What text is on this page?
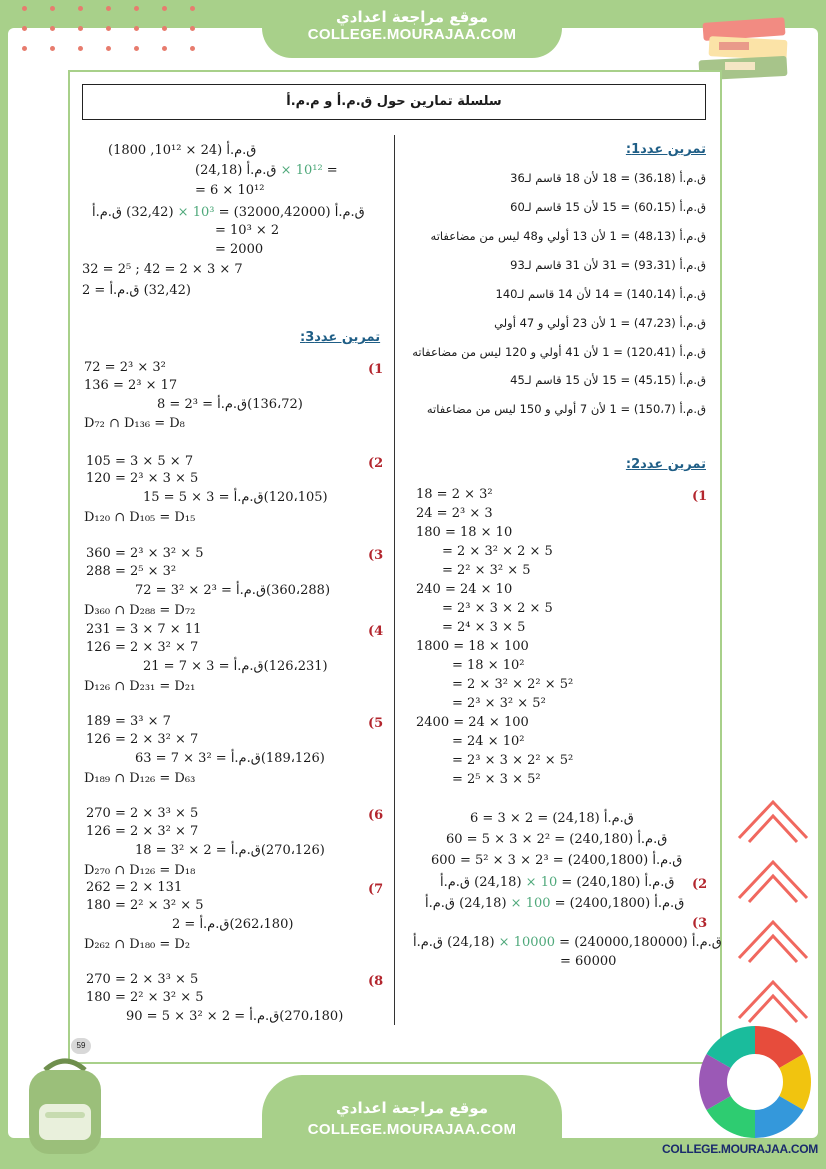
موقع مراجعة اعدادي
COLLEGE.MOURAJAA.COM
سلسلة تمارين حول ق.م.أ و م.م.أ
ق.م.أ (24 × 10¹², 1800)
= 10¹² × ق.م.أ (24,18)
= 6 × 10¹²
ق.م.أ (32000,42000) = 10³ × (32,42) ق.م.أ
= 10³ × 2
= 2000
32 = 2⁵ ; 42 = 2 × 3 × 7
(32,42) ق.م.أ = 2
72 = 2³ × 3²
136 = 2³ × 17
(136،72)ق.م.أ = 2³ = 8
D₇₂ ∩ D₁₃₆ = D₈
105 = 3 × 5 × 7
120 = 2³ × 3 × 5
(120،105)ق.م.أ = 3 × 5 = 15
D₁₂₀ ∩ D₁₀₅ = D₁₅
360 = 2³ × 3² × 5
288 = 2⁵ × 3²
(360،288)ق.م.أ = 2³ × 3² = 72
D₃₆₀ ∩ D₂₈₈ = D₇₂
231 = 3 × 7 × 11
126 = 2 × 3² × 7
(126،231)ق.م.أ = 3 × 7 = 21
D₁₂₆ ∩ D₂₃₁ = D₂₁
189 = 3³ × 7
126 = 2 × 3² × 7
(189،126)ق.م.أ = 3² × 7 = 63
D₁₈₉ ∩ D₁₂₆ = D₆₃
270 = 2 × 3³ × 5
126 = 2 × 3² × 7
(270،126)ق.م.أ = 2 × 3² = 18
D₂₇₀ ∩ D₁₂₆ = D₁₈
262 = 2 × 131
180 = 2² × 3² × 5
(262،180)ق.م.أ = 2
D₂₆₂ ∩ D₁₈₀ = D₂
270 = 2 × 3³ × 5
180 = 2² × 3² × 5
(270،180)ق.م.أ = 2 × 3² × 5 = 90
18 = 2 × 3²
24 = 2³ × 3
180 = 18 × 10
= 2 × 3² × 2 × 5
= 2² × 3² × 5
240 = 24 × 10
= 2³ × 3 × 2 × 5
= 2⁴ × 3 × 5
1800 = 18 × 100
= 18 × 10²
= 2 × 3² × 2² × 5²
= 2³ × 3² × 5²
2400 = 24 × 100
= 24 × 10²
= 2³ × 3 × 2² × 5²
= 2⁵ × 3 × 5²
ق.م.أ (24,18) = 2 × 3 = 6
ق.م.أ (240,180) = 2² × 3 × 5 = 60
ق.م.أ (2400,1800) = 2³ × 3 × 5² = 600
ق.م.أ (240,180) = 10 × (24,18) ق.م.أ
ق.م.أ (2400,1800) = 100 × (24,18) ق.م.أ
ق.م.أ (240000,180000) = 10000 × (24,18) ق.م.أ
= 60000
تمرين عدد3:
تمرين عدد1:
تمرين عدد2:
(1
(2
(3
(4
(5
(6
(7
(8
(1
(2
(3
ق.م.أ (36،18) = 18 لأن 18 قاسم لـ36
ق.م.أ (60،15) = 15 لأن 15 قاسم لـ60
ق.م.أ (48،13) = 1 لأن 13 أولي و48 ليس من مضاعفاته
ق.م.أ (93،31) = 31 لأن 31 قاسم لـ93
ق.م.أ (140،14) = 14 لأن 14 قاسم لـ140
ق.م.أ (47،23) = 1 لأن 23 أولي و 47 أولي
ق.م.أ (120،41) = 1 لأن 41 أولي و 120 ليس من مضاعفاته
ق.م.أ (45،15) = 15 لأن 15 قاسم لـ45
ق.م.أ (150،7) = 1 لأن 7 أولي و 150 ليس من مضاعفاته
موقع مراجعة اعدادي
COLLEGE.MOURAJAA.COM
59
COLLEGE.MOURAJAA.COM
